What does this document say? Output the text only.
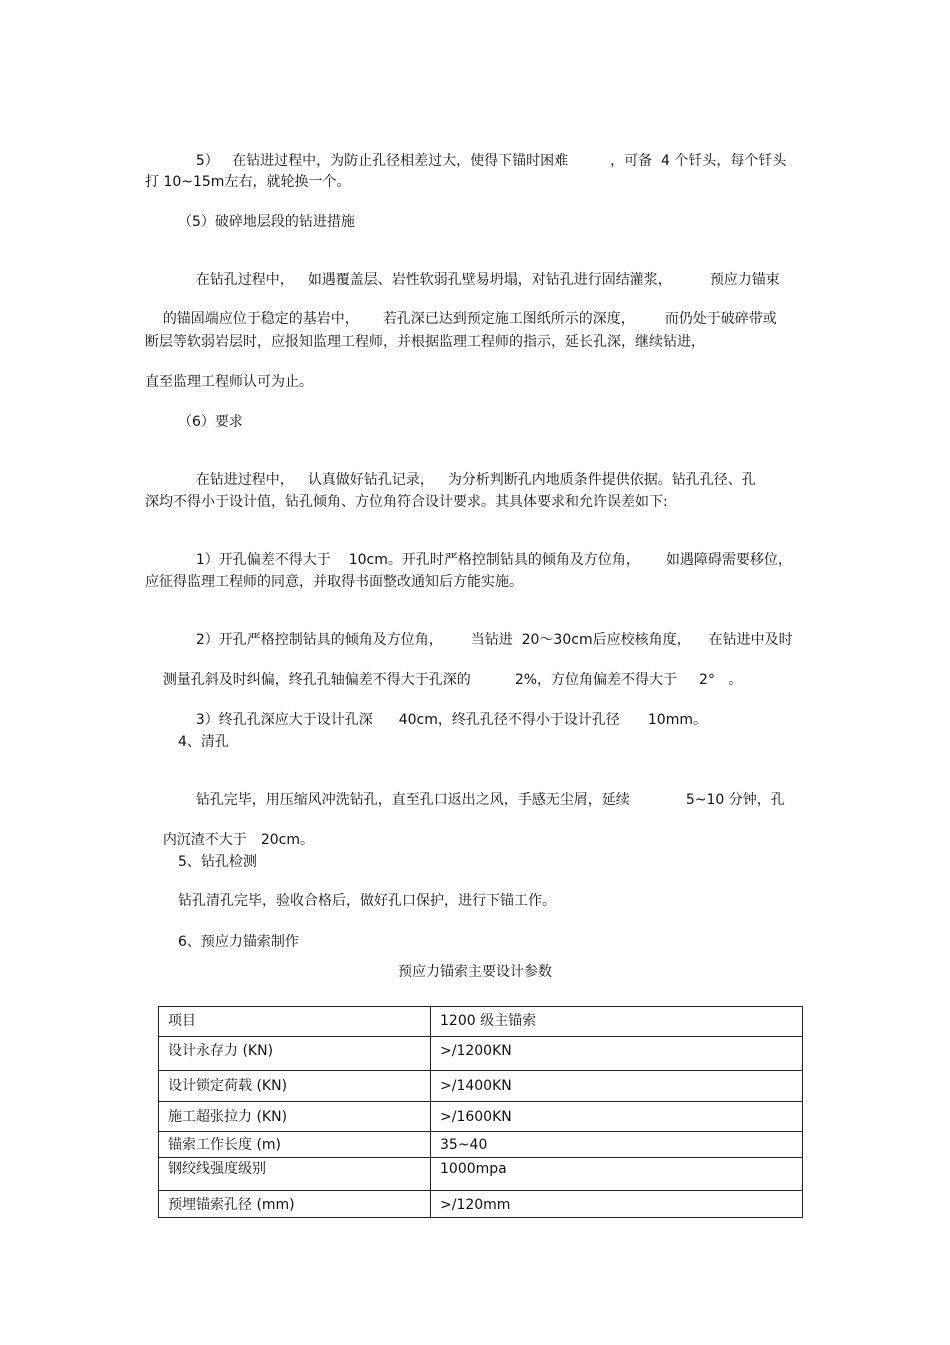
5）   在钻进过程中，为防止孔径相差过大，使得下锚时困难	，可备  4 个钎头，每个钎头

打 10~15m左右，就轮换一个。
（5）破碎地层段的钻进措施

在钻孔过程中， 如遇覆盖层、岩性软弱孔壁易坍塌，对钻孔进行固结灌浆，	预应力锚束

的锚固端应位于稳定的基岩中， 若孔深已达到预定施工图纸所示的深度， 而仍处于破碎带或

断层等软弱岩层时，应报知监理工程师，并根据监理工程师的指示，延长孔深，继续钻进，
直至监理工程师认可为止。
（6）要求

在钻进过程中， 认真做好钻孔记录， 为分析判断孔内地质条件提供依据。钻孔孔径、孔

深均不得小于设计值，钻孔倾角、方位角符合设计要求。其具体要求和允许误差如下:

1）开孔偏差不得大于 10cm。开孔时严格控制钻具的倾角及方位角， 如遇障碍需要移位，

应征得监理工程师的同意，并取得书面整改通知后方能实施。

2）开孔严格控制钻具的倾角及方位角， 当钻进  20～30cm后应校核角度， 在钻进中及时

测量孔斜及时纠偏，终孔孔轴偏差不得大于孔深的	2%，方位角偏差不得大于 2°   。

3）终孔孔深应大于设计孔深 40cm，终孔孔径不得小于设计孔径 10mm。

4、清孔

钻孔完毕，用压缩风冲洗钻孔，直至孔口返出之风，手感无尘屑，延续	5~10 分钟，孔

内沉渣不大于 20cm。

5、钻孔检测
钻孔清孔完毕，验收合格后，做好孔口保护，进行下锚工作。
6、预应力锚索制作
预应力锚索主要设计参数
项目	1200 级主锚索
设计永存力 (KN)	>/1200KN
设计锁定荷载 (KN)	>/1400KN
施工超张拉力 (KN)	>/1600KN
锚索工作长度 (m)	35~40
钢绞线强度级别	1000mpa
预埋锚索孔径 (mm)	>/120mm
